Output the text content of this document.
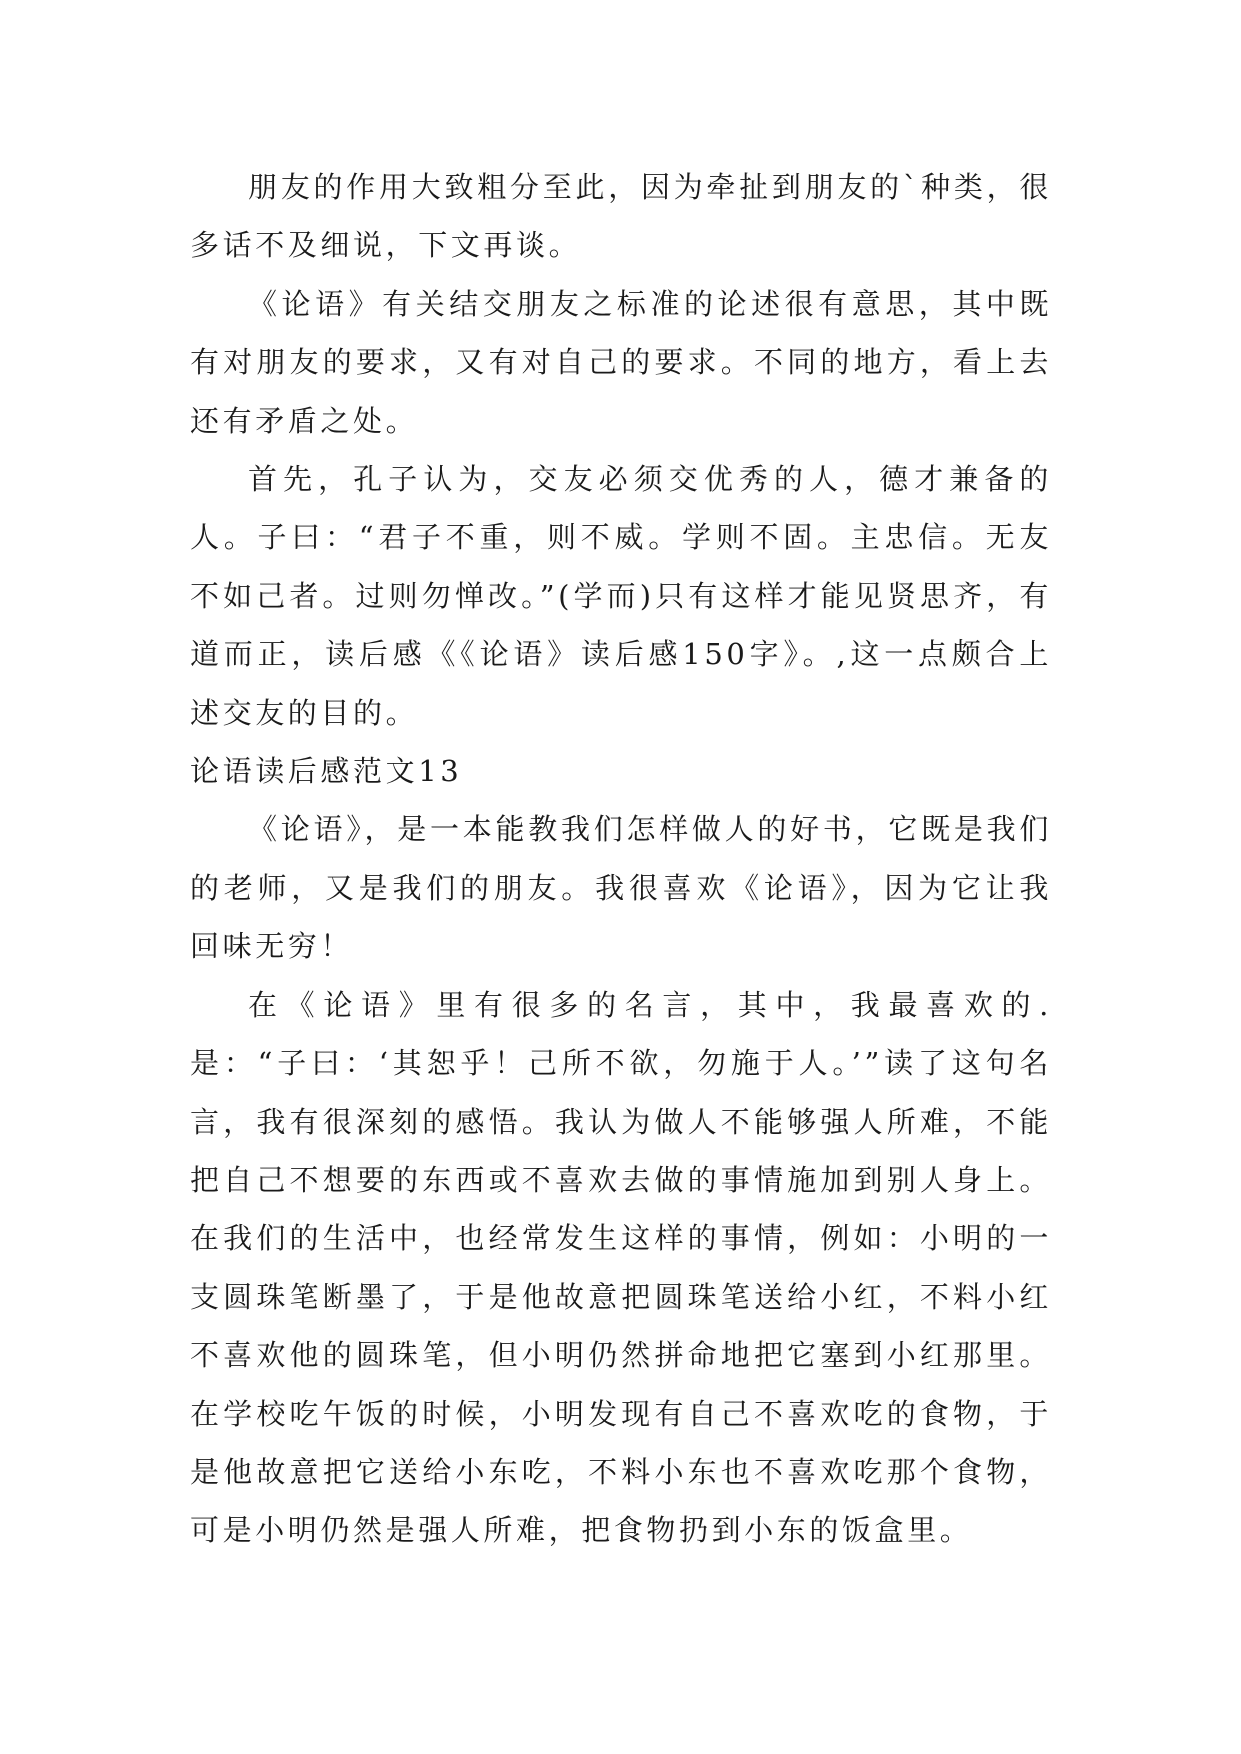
朋友的作用大致粗分至此，因为牵扯到朋友的`种类，很多话不及细说，下文再谈。

《论语》有关结交朋友之标准的论述很有意思，其中既有对朋友的要求，又有对自己的要求。不同的地方，看上去还有矛盾之处。

首先，孔子认为，交友必须交优秀的人，德才兼备的人。子曰：“君子不重，则不威。学则不固。主忠信。无友不如己者。过则勿惮改。”(学而)只有这样才能见贤思齐，有道而正，读后感《《论语》读后感150字》。,这一点颇合上述交友的目的。

论语读后感范文13

《论语》，是一本能教我们怎样做人的好书，它既是我们的老师，又是我们的朋友。我很喜欢《论语》，因为它让我回味无穷！

在《论语》里有很多的名言，其中，我最喜欢的.是：“子曰：‘其恕乎！己所不欲，勿施于人。’”读了这句名言，我有很深刻的感悟。我认为做人不能够强人所难，不能把自己不想要的东西或不喜欢去做的事情施加到别人身上。在我们的生活中，也经常发生这样的事情，例如：小明的一支圆珠笔断墨了，于是他故意把圆珠笔送给小红，不料小红不喜欢他的圆珠笔，但小明仍然拼命地把它塞到小红那里。在学校吃午饭的时候，小明发现有自己不喜欢吃的食物，于是他故意把它送给小东吃，不料小东也不喜欢吃那个食物，可是小明仍然是强人所难，把食物扔到小东的饭盒里。
